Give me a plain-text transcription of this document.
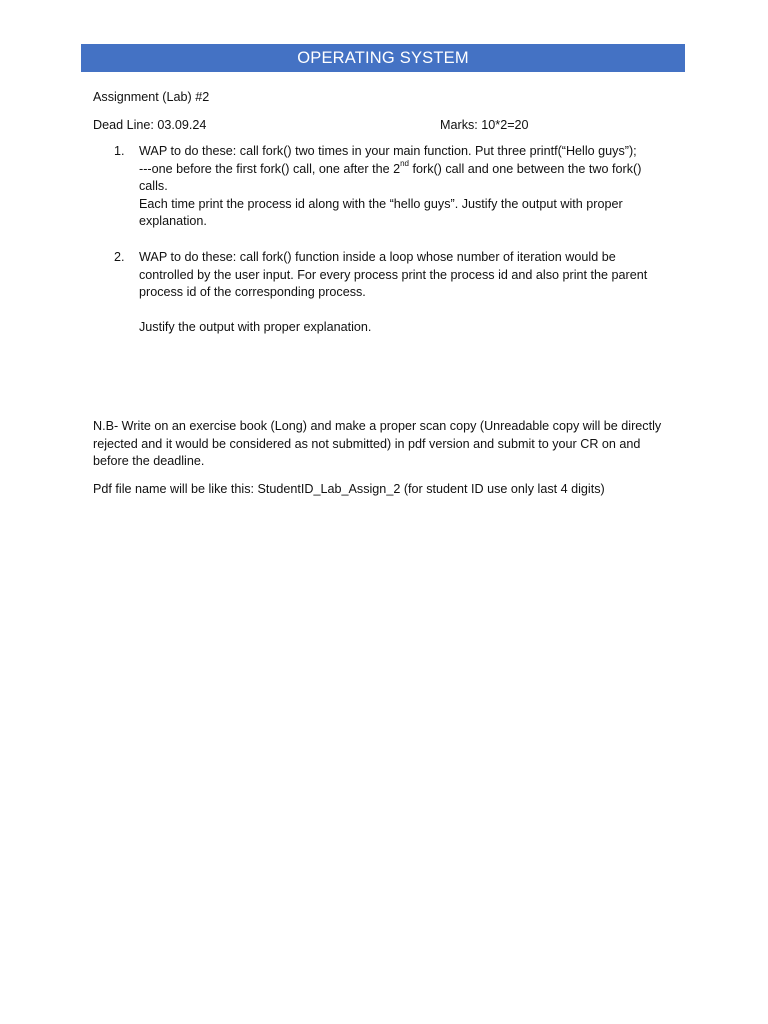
OPERATING SYSTEM
Assignment (Lab) #2
Dead Line: 03.09.24	Marks: 10*2=20
1.	WAP to do these: call fork() two times in your main function. Put three printf(“Hello guys”);
---one before the first fork() call, one after the 2nd fork() call and one between the two fork()
calls.
Each time print the process id along with the “hello guys”. Justify the output with proper
explanation.
2.	WAP to do these: call fork() function inside a loop whose number of iteration would be
controlled by the user input. For every process print the process id and also print the parent
process id of the corresponding process.
Justify the output with proper explanation.
N.B- Write on an exercise book (Long) and make a proper scan copy (Unreadable copy will be directly
rejected and it would be considered as not submitted) in pdf version and submit to your CR on and
before the deadline.
Pdf file name will be like this: StudentID_Lab_Assign_2 (for student ID use only last 4 digits)
